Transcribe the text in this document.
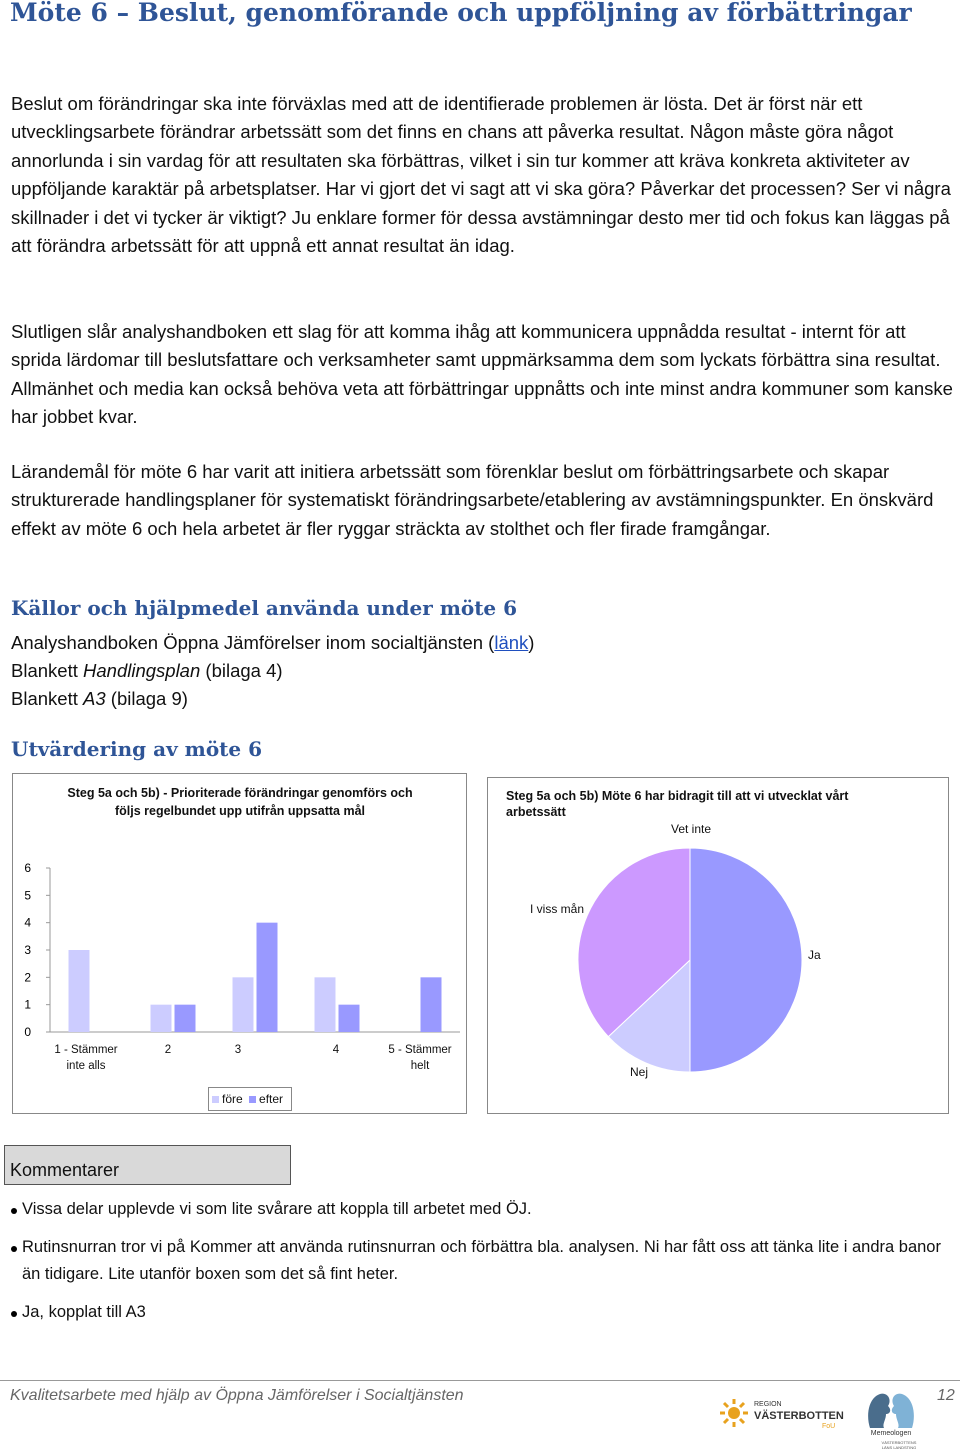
Möte 6 – Beslut, genomförande och uppföljning av förbättringar
Beslut om förändringar ska inte förväxlas med att de identifierade problemen är lösta. Det är först när ett utvecklingsarbete förändrar arbetssätt som det finns en chans att påverka resultat. Någon måste göra något annorlunda i sin vardag för att resultaten ska förbättras, vilket i sin tur kommer att kräva konkreta aktiviteter av uppföljande karaktär på arbetsplatser. Har vi gjort det vi sagt att vi ska göra? Påverkar det processen? Ser vi några skillnader i det vi tycker är viktigt? Ju enklare former för dessa avstämningar desto mer tid och fokus kan läggas på att förändra arbetssätt för att uppnå ett annat resultat än idag.
Slutligen slår analyshandboken ett slag för att komma ihåg att kommunicera uppnådda resultat - internt för att sprida lärdomar till beslutsfattare och verksamheter samt uppmärksamma dem som lyckats förbättra sina resultat. Allmänhet och media kan också behöva veta att förbättringar uppnåtts och inte minst andra kommuner som kanske har jobbet kvar.
Lärandemål för möte 6 har varit att initiera arbetssätt som förenklar beslut om förbättringsarbete och skapar strukturerade handlingsplaner för systematiskt förändringsarbete/etablering av avstämningspunkter. En önskvärd effekt av möte 6 och hela arbetet är fler ryggar sträckta av stolthet och fler firade framgångar.
Källor och hjälpmedel använda under möte 6
Analyshandboken Öppna Jämförelser inom socialtjänsten (länk)
Blankett Handlingsplan (bilaga 4)
Blankett A3 (bilaga 9)
Utvärdering av möte 6
Steg 5a och 5b) - Prioriterade förändringar genomförs och följs regelbundet upp utifrån uppsatta mål
0
1
2
3
4
5
6
1 - Stämmer inte alls
2	3	4	5 - Stämmer helt
före efter
Steg 5a och 5b) Möte 6 har bidragit till att vi utvecklat vårt arbetssätt
Vet inte
I viss mån
Ja
Nej
Kommentarer
Vissa delar upplevde vi som lite svårare att koppla till arbetet med ÖJ.
Rutinsnurran tror vi på Kommer att använda rutinsnurran och förbättra bla. analysen. Ni har fått oss att tänka lite i andra banor än tidigare. Lite utanför boxen som det så fint heter.
Ja, kopplat till A3
Kvalitetsarbete med hjälp av Öppna Jämförelser i Socialtjänsten	12
REGION
VÄSTERBOTTEN
FoU
Memeologen
VÄSTERBOTTENS LÄNS LANDSTING
